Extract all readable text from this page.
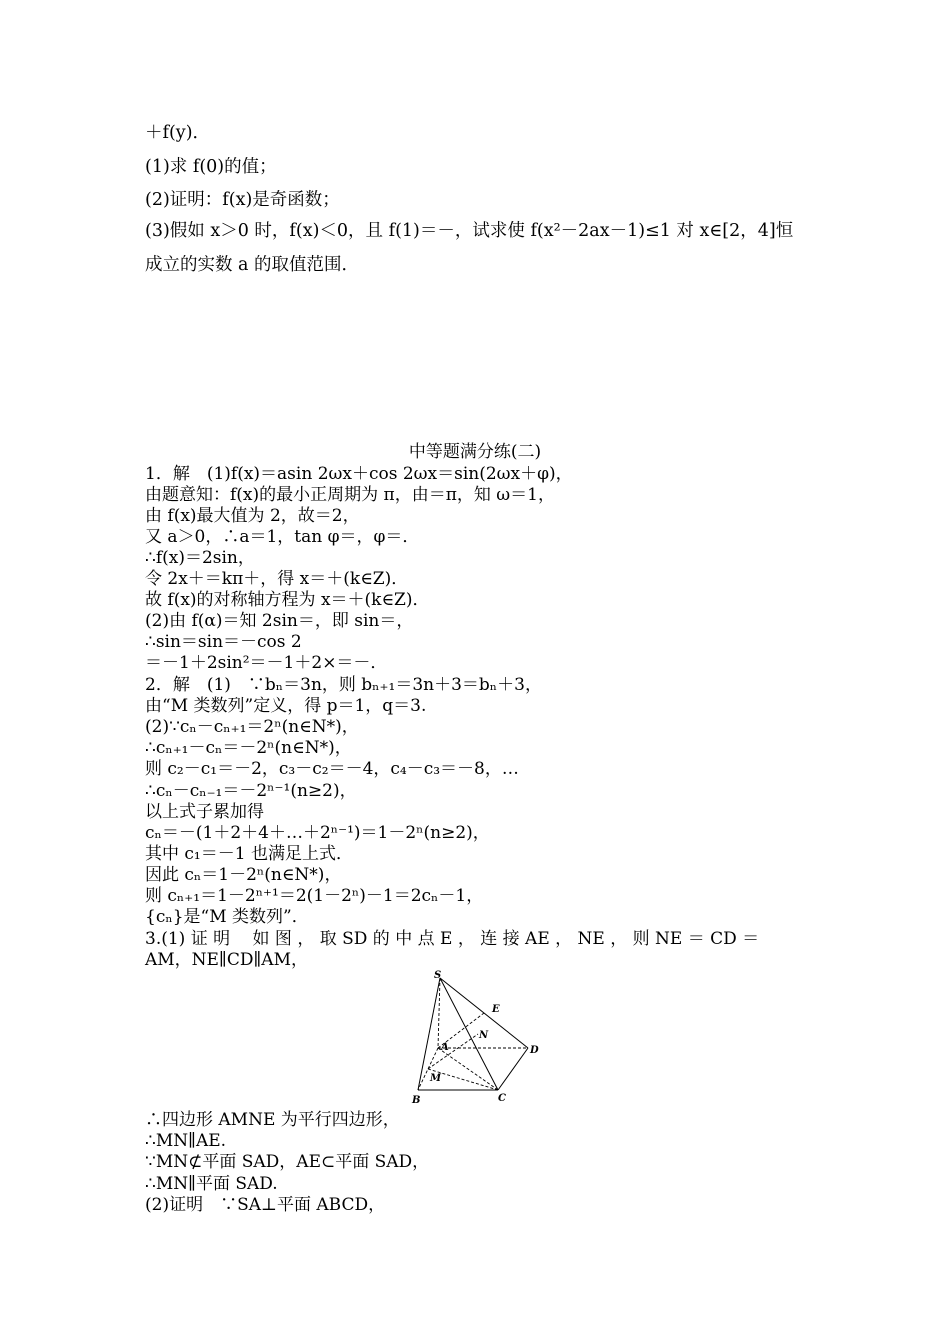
＋f(y)．
(1)求 f(0)的值；
(2)证明：f(x)是奇函数；
(3)假如 x＞0 时，f(x)＜0，且 f(1)＝－，试求使 f(x²－2ax－1)≤1 对 x∈[2，4]恒
成立的实数 a 的取值范围．
中等题满分练(二)
1．解　(1)f(x)＝asin 2ωx＋cos 2ωx＝sin(2ωx＋φ)，
由题意知：f(x)的最小正周期为 π，由＝π，知 ω＝1，
由 f(x)最大值为 2，故＝2，
又 a＞0，∴a＝1，tan φ＝，φ＝．
∴f(x)＝2sin，
令 2x＋＝kπ＋，得 x＝＋(k∈Z)．
故 f(x)的对称轴方程为 x＝＋(k∈Z)．
(2)由 f(α)＝知 2sin＝，即 sin＝，
∴sin＝sin＝－cos 2
＝－1＋2sin²＝－1＋2×＝－．
2．解　(1)　∵bₙ＝3n，则 bₙ₊₁＝3n＋3＝bₙ＋3，
由“M 类数列”定义，得 p＝1，q＝3.
(2)∵cₙ－cₙ₊₁＝2ⁿ(n∈N*)，
∴cₙ₊₁－cₙ＝－2ⁿ(n∈N*)，
则 c₂－c₁＝－2，c₃－c₂＝－4，c₄－c₃＝－8，…
∴cₙ－cₙ₋₁＝－2ⁿ⁻¹(n≥2)，
以上式子累加得
cₙ＝－(1＋2＋4＋…＋2ⁿ⁻¹)＝1－2ⁿ(n≥2)，
其中 c₁＝－1 也满足上式．
因此 cₙ＝1－2ⁿ(n∈N*)，
则 cₙ₊₁＝1－2ⁿ⁺¹＝2(1－2ⁿ)－1＝2cₙ－1，
{cₙ}是“M 类数列”．
3.(1) 证 明　 如 图 ， 取 SD 的 中 点 E ， 连 接 AE ， NE ， 则 NE ＝ CD ＝
AM，NE∥CD∥AM，
S
E
N
A	D
M
B	C
∴四边形 AMNE 为平行四边形，
∴MN∥AE.
∵MN⊄平面 SAD，AE⊂平面 SAD，
∴MN∥平面 SAD.
(2)证明　∵SA⊥平面 ABCD，
